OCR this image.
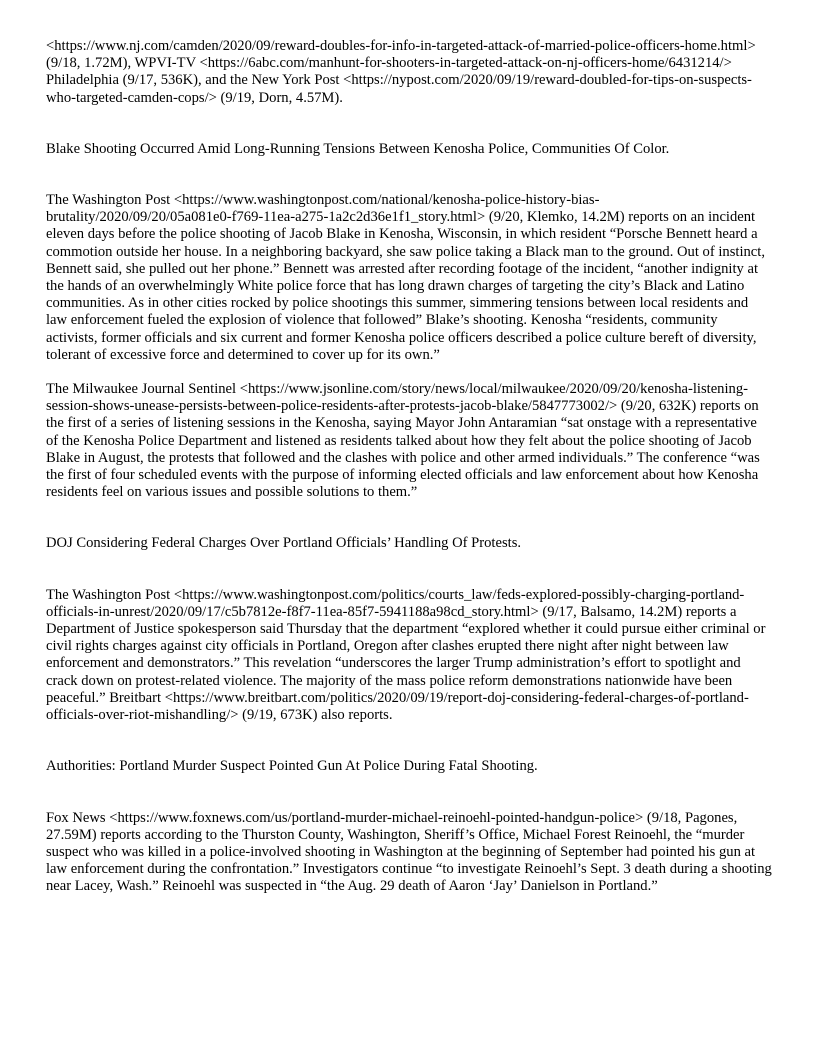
<https://www.nj.com/camden/2020/09/reward-doubles-for-info-in-targeted-attack-of-married-police-officers-home.html> (9/18, 1.72M), WPVI-TV <https://6abc.com/manhunt-for-shooters-in-targeted-attack-on-nj-officers-home/6431214/> Philadelphia (9/17, 536K), and the New York Post <https://nypost.com/2020/09/19/reward-doubled-for-tips-on-suspects-who-targeted-camden-cops/> (9/19, Dorn, 4.57M).

Blake Shooting Occurred Amid Long-Running Tensions Between Kenosha Police, Communities Of Color.

The Washington Post <https://www.washingtonpost.com/national/kenosha-police-history-bias-brutality/2020/09/20/05a081e0-f769-11ea-a275-1a2c2d36e1f1_story.html> (9/20, Klemko, 14.2M) reports on an incident eleven days before the police shooting of Jacob Blake in Kenosha, Wisconsin, in which resident “Porsche Bennett heard a commotion outside her house. In a neighboring backyard, she saw police taking a Black man to the ground. Out of instinct, Bennett said, she pulled out her phone.” Bennett was arrested after recording footage of the incident, “another indignity at the hands of an overwhelmingly White police force that has long drawn charges of targeting the city’s Black and Latino communities. As in other cities rocked by police shootings this summer, simmering tensions between local residents and law enforcement fueled the explosion of violence that followed” Blake’s shooting. Kenosha “residents, community activists, former officials and six current and former Kenosha police officers described a police culture bereft of diversity, tolerant of excessive force and determined to cover up for its own.”

The Milwaukee Journal Sentinel <https://www.jsonline.com/story/news/local/milwaukee/2020/09/20/kenosha-listening-session-shows-unease-persists-between-police-residents-after-protests-jacob-blake/5847773002/> (9/20, 632K) reports on the first of a series of listening sessions in the Kenosha, saying Mayor John Antaramian “sat onstage with a representative of the Kenosha Police Department and listened as residents talked about how they felt about the police shooting of Jacob Blake in August, the protests that followed and the clashes with police and other armed individuals.” The conference “was the first of four scheduled events with the purpose of informing elected officials and law enforcement about how Kenosha residents feel on various issues and possible solutions to them.”

DOJ Considering Federal Charges Over Portland Officials’ Handling Of Protests.

The Washington Post <https://www.washingtonpost.com/politics/courts_law/feds-explored-possibly-charging-portland-officials-in-unrest/2020/09/17/c5b7812e-f8f7-11ea-85f7-5941188a98cd_story.html> (9/17, Balsamo, 14.2M) reports a Department of Justice spokesperson said Thursday that the department “explored whether it could pursue either criminal or civil rights charges against city officials in Portland, Oregon after clashes erupted there night after night between law enforcement and demonstrators.” This revelation “underscores the larger Trump administration’s effort to spotlight and crack down on protest-related violence. The majority of the mass police reform demonstrations nationwide have been peaceful.” Breitbart <https://www.breitbart.com/politics/2020/09/19/report-doj-considering-federal-charges-of-portland-officials-over-riot-mishandling/> (9/19, 673K) also reports.

Authorities: Portland Murder Suspect Pointed Gun At Police During Fatal Shooting.

Fox News <https://www.foxnews.com/us/portland-murder-michael-reinoehl-pointed-handgun-police> (9/18, Pagones, 27.59M) reports according to the Thurston County, Washington, Sheriff’s Office, Michael Forest Reinoehl, the “murder suspect who was killed in a police-involved shooting in Washington at the beginning of September had pointed his gun at law enforcement during the confrontation.” Investigators continue “to investigate Reinoehl’s Sept. 3 death during a shooting near Lacey, Wash.” Reinoehl was suspected in “the Aug. 29 death of Aaron ‘Jay’ Danielson in Portland.”
